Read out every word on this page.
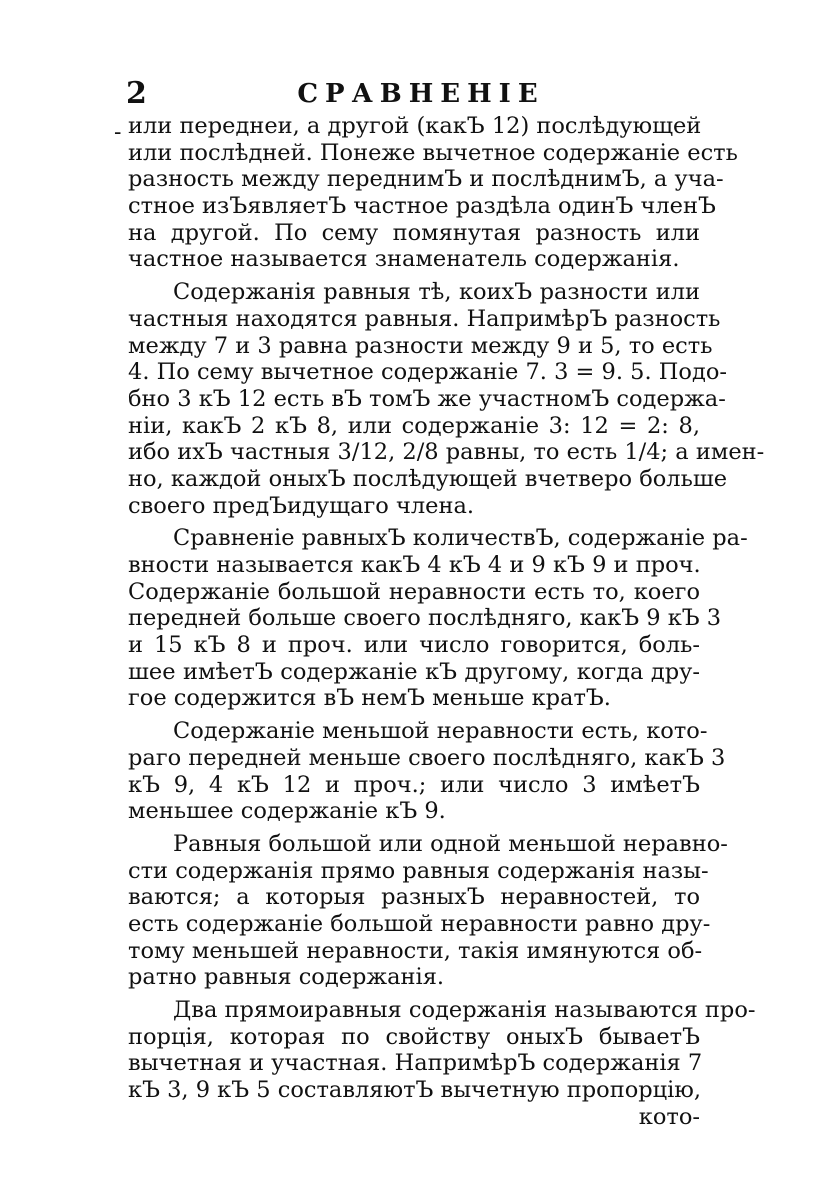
2	СРАВНЕНІЕ
- или переднеи, а другой (какЪ 12) послѣдующей
или послѣдней. Понеже вычетное содержаніе есть
разность между переднимЪ и послѣднимЪ, а уча-
стное изЪявляетЪ частное раздѣла одинЪ членЪ
на другой. По сему помянутая разность или
частное называется знаменатель содержанія.
Содержанія равныя тѣ, коихЪ разности или
частныя находятся равныя. НапримѣрЪ разность
между 7 и 3 равна разности между 9 и 5, то есть
4. По сему вычетное содержаніе 7. 3 = 9. 5. Подо-
бно 3 кЪ 12 есть вЪ томЪ же участномЪ содержа-
ніи, какЪ 2 кЪ 8, или содержаніе 3: 12 = 2: 8,
ибо ихЪ частныя 3/12, 2/8 равны, то есть 1/4; а имен-
но, каждой оныхЪ послѣдующей вчетверо больше
своего предЪидущаго члена.
Сравненіе равныхЪ количествЪ, содержаніе ра-
вности называется какЪ 4 кЪ 4 и 9 кЪ 9 и проч.
Содержаніе большой неравности есть то, коего
передней больше своего послѣдняго, какЪ 9 кЪ 3
и 15 кЪ 8 и проч. или число говорится, боль-
шее имѣетЪ содержаніе кЪ другому, когда дру-
гое содержится вЪ немЪ меньше кратЪ.
Содержаніе меньшой неравности есть, кото-
раго передней меньше своего послѣдняго, какЪ 3
кЪ 9, 4 кЪ 12 и проч.; или число 3 имѣетЪ
меньшее содержаніе кЪ 9.
Равныя большой или одной меньшой неравно-
сти содержанія прямо равныя содержанія назы-
ваются; а которыя разныхЪ неравностей, то
есть содержаніе большой неравности равно дру-
тому меньшей неравности, такія имянуются об-
ратно равныя содержанія.
Два прямоиравныя содержанія называются про-
порція, которая по свойству оныхЪ бываетЪ
вычетная и участная. НапримѣрЪ содержанія 7
кЪ 3, 9 кЪ 5 составляютЪ вычетную пропорцію,
кото-
